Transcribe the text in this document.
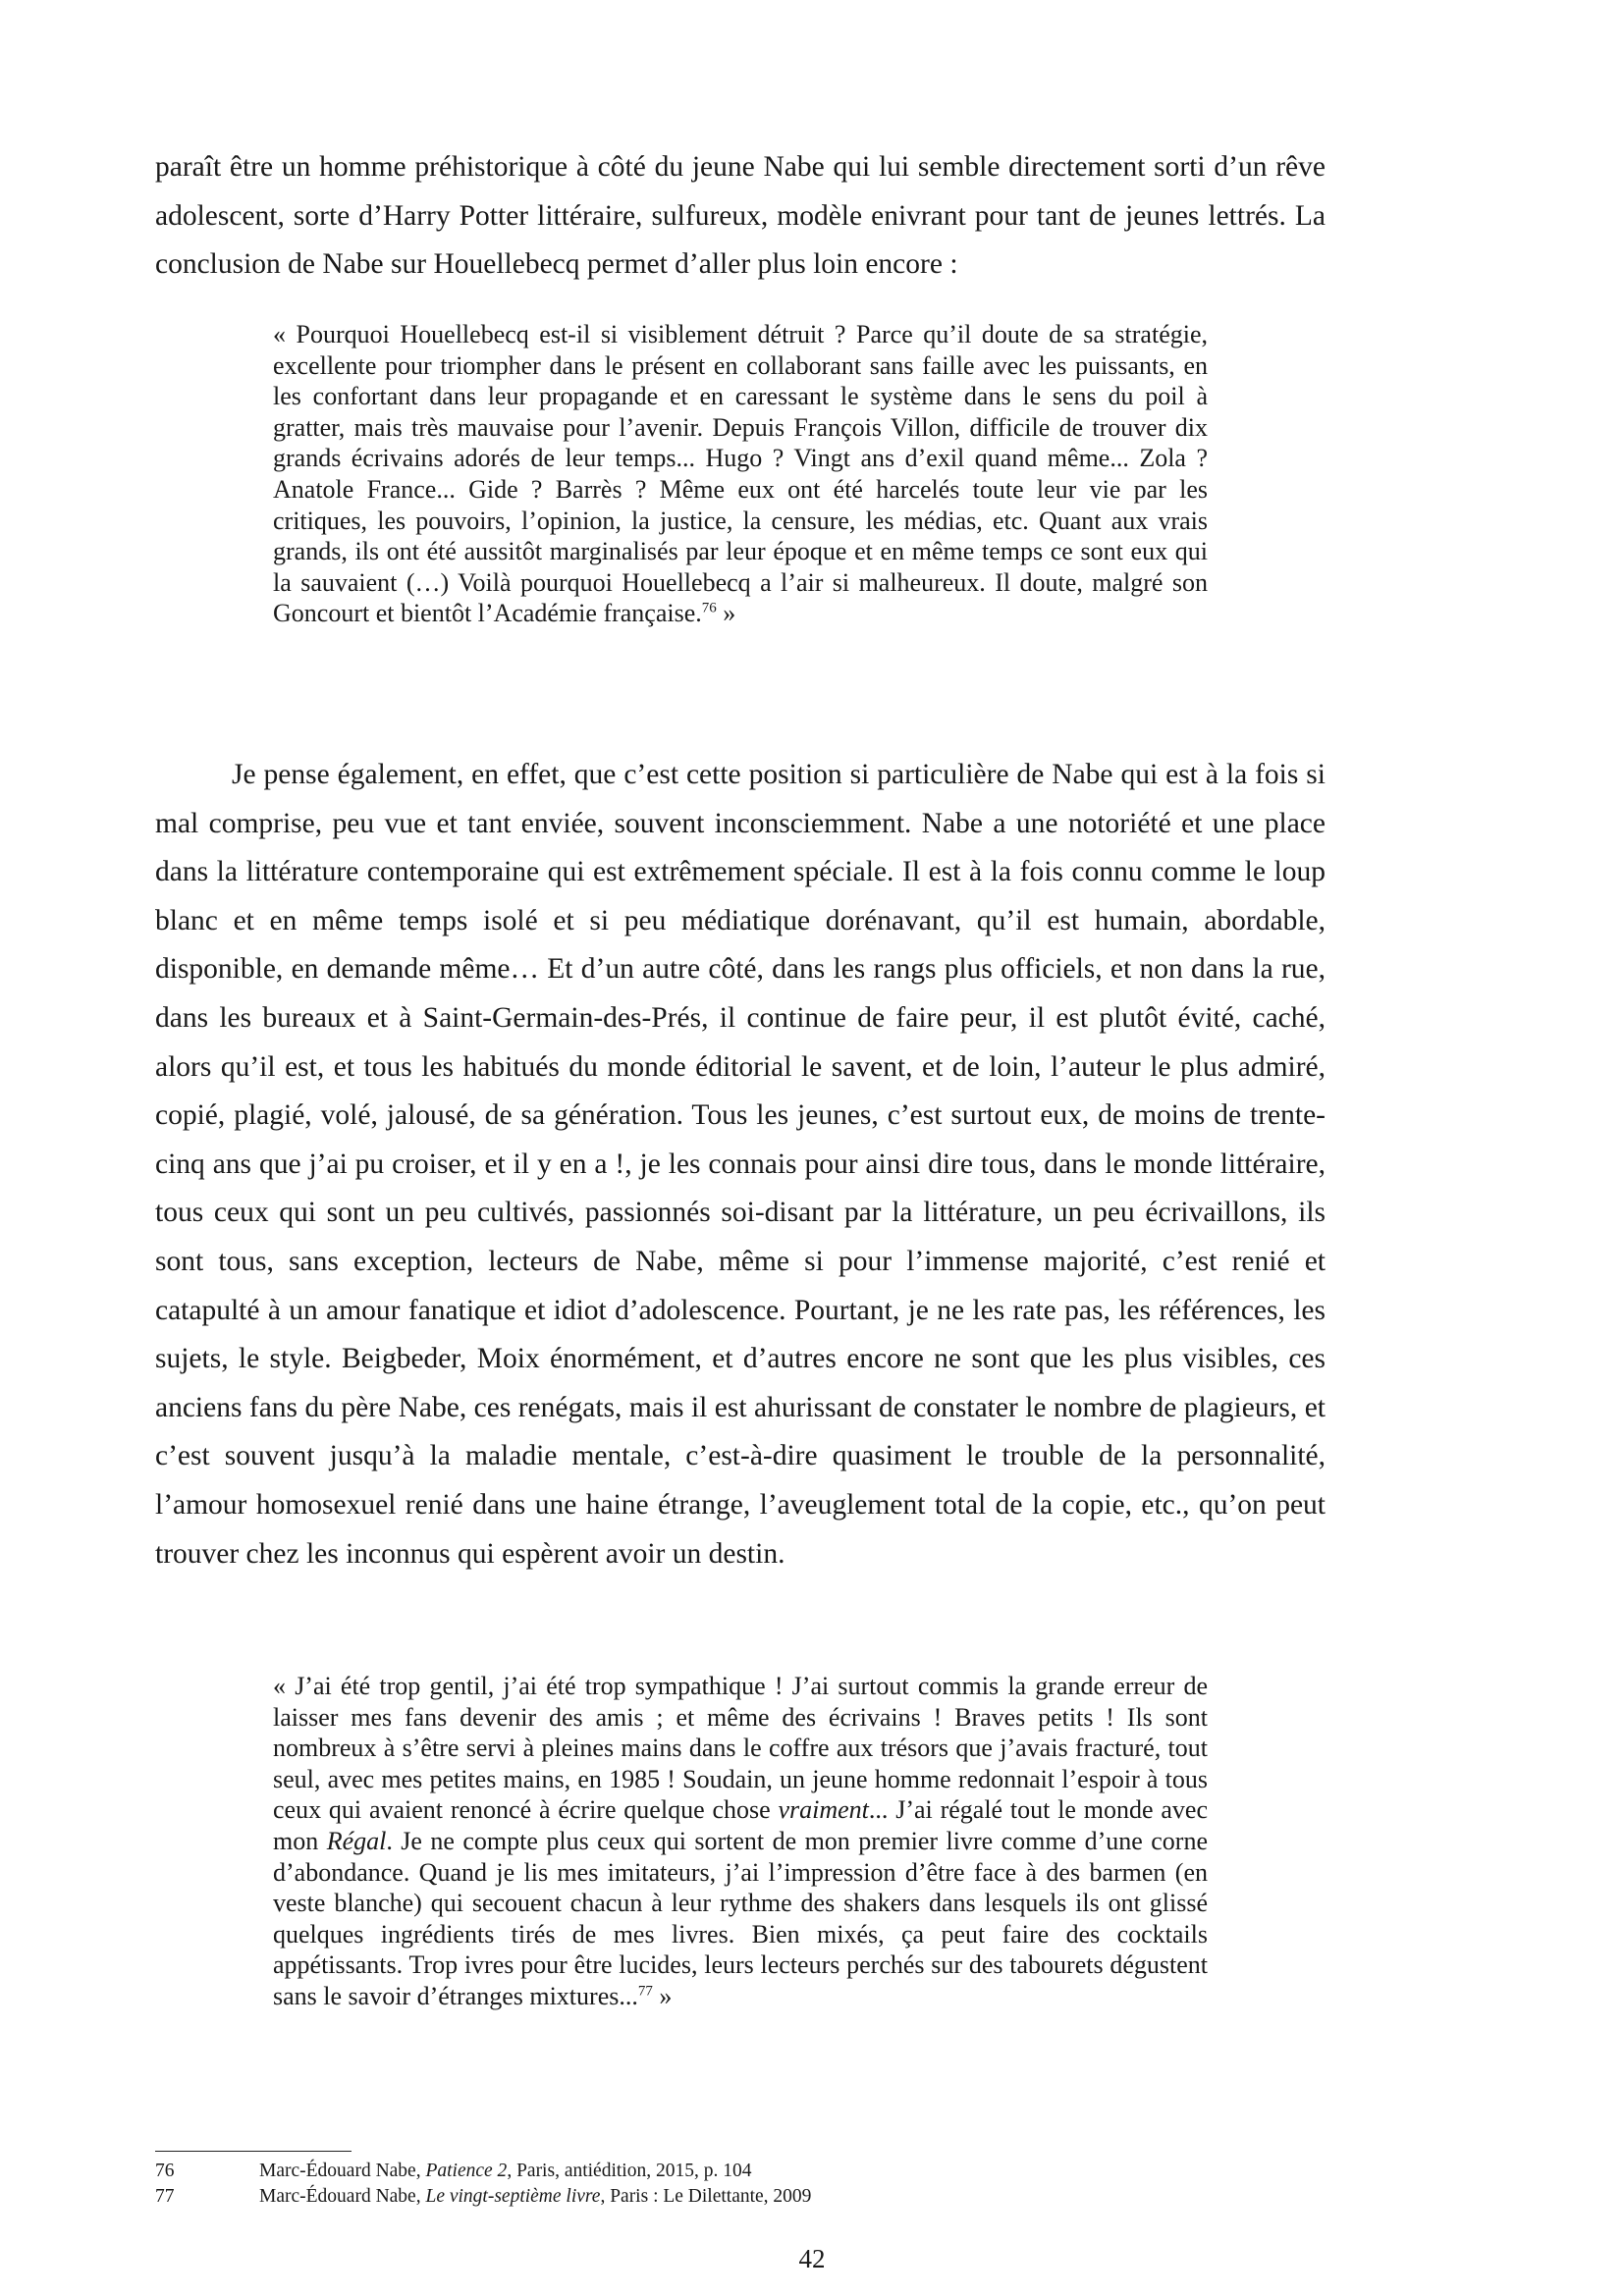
paraît être un homme préhistorique à côté du jeune Nabe qui lui semble directement sorti d’un rêve adolescent, sorte d’Harry Potter littéraire, sulfureux, modèle enivrant pour tant de jeunes lettrés. La conclusion de Nabe sur Houellebecq permet d’aller plus loin encore :

« Pourquoi Houellebecq est-il si visiblement détruit ? Parce qu’il doute de sa stratégie, excellente pour triompher dans le présent en collaborant sans faille avec les puissants, en les confortant dans leur propagande et en caressant le système dans le sens du poil à gratter, mais très mauvaise pour l’avenir. Depuis François Villon, difficile de trouver dix grands écrivains adorés de leur temps... Hugo ? Vingt ans d’exil quand même... Zola ? Anatole France... Gide ? Barrès ? Même eux ont été harcelés toute leur vie par les critiques, les pouvoirs, l’opinion, la justice, la censure, les médias, etc. Quant aux vrais grands, ils ont été aussitôt marginalisés par leur époque et en même temps ce sont eux qui la sauvaient (…) Voilà pourquoi Houellebecq a l’air si malheureux. Il doute, malgré son Goncourt et bientôt l’Académie française.$^{76}$ »

Je pense également, en effet, que c’est cette position si particulière de Nabe qui est à la fois si mal comprise, peu vue et tant enviée, souvent inconsciemment. Nabe a une notoriété et une place dans la littérature contemporaine qui est extrêmement spéciale. Il est à la fois connu comme le loup blanc et en même temps isolé et si peu médiatique dorénavant, qu’il est humain, abordable, disponible, en demande même… Et d’un autre côté, dans les rangs plus officiels, et non dans la rue, dans les bureaux et à Saint-Germain-des-Prés, il continue de faire peur, il est plutôt évité, caché, alors qu’il est, et tous les habitués du monde éditorial le savent, et de loin, l’auteur le plus admiré, copié, plagié, volé, jalousé, de sa génération. Tous les jeunes, c’est surtout eux, de moins de trente-cinq ans que j’ai pu croiser, et il y en a !, je les connais pour ainsi dire tous, dans le monde littéraire, tous ceux qui sont un peu cultivés, passionnés soi-disant par la littérature, un peu écrivaillons, ils sont tous, sans exception, lecteurs de Nabe, même si pour l’immense majorité, c’est renié et catapulté à un amour fanatique et idiot d’adolescence. Pourtant, je ne les rate pas, les références, les sujets, le style. Beigbeder, Moix énormément, et d’autres encore ne sont que les plus visibles, ces anciens fans du père Nabe, ces renégats, mais il est ahurissant de constater le nombre de plagieurs, et c’est souvent jusqu’à la maladie mentale, c’est-à-dire quasiment le trouble de la personnalité, l’amour homosexuel renié dans une haine étrange, l’aveuglement total de la copie, etc., qu’on peut trouver chez les inconnus qui espèrent avoir un destin.

« J’ai été trop gentil, j’ai été trop sympathique ! J’ai surtout commis la grande erreur de laisser mes fans devenir des amis ; et même des écrivains ! Braves petits ! Ils sont nombreux à s’être servi à pleines mains dans le coffre aux trésors que j’avais fracturé, tout seul, avec mes petites mains, en 1985 ! Soudain, un jeune homme redonnait l’espoir à tous ceux qui avaient renoncé à écrire quelque chose vraiment... J’ai régalé tout le monde avec mon Régal. Je ne compte plus ceux qui sortent de mon premier livre comme d’une corne d’abondance. Quand je lis mes imitateurs, j’ai l’impression d’être face à des barmen (en veste blanche) qui secouent chacun à leur rythme des shakers dans lesquels ils ont glissé quelques ingrédients tirés de mes livres. Bien mixés, ça peut faire des cocktails appétissants. Trop ivres pour être lucides, leurs lecteurs perchés sur des tabourets dégustent sans le savoir d’étranges mixtures...$^{77}$ »

76	Marc-Édouard Nabe, Patience 2, Paris, antiédition, 2015, p. 104
77	Marc-Édouard Nabe, Le vingt-septième livre, Paris : Le Dilettante, 2009
42
